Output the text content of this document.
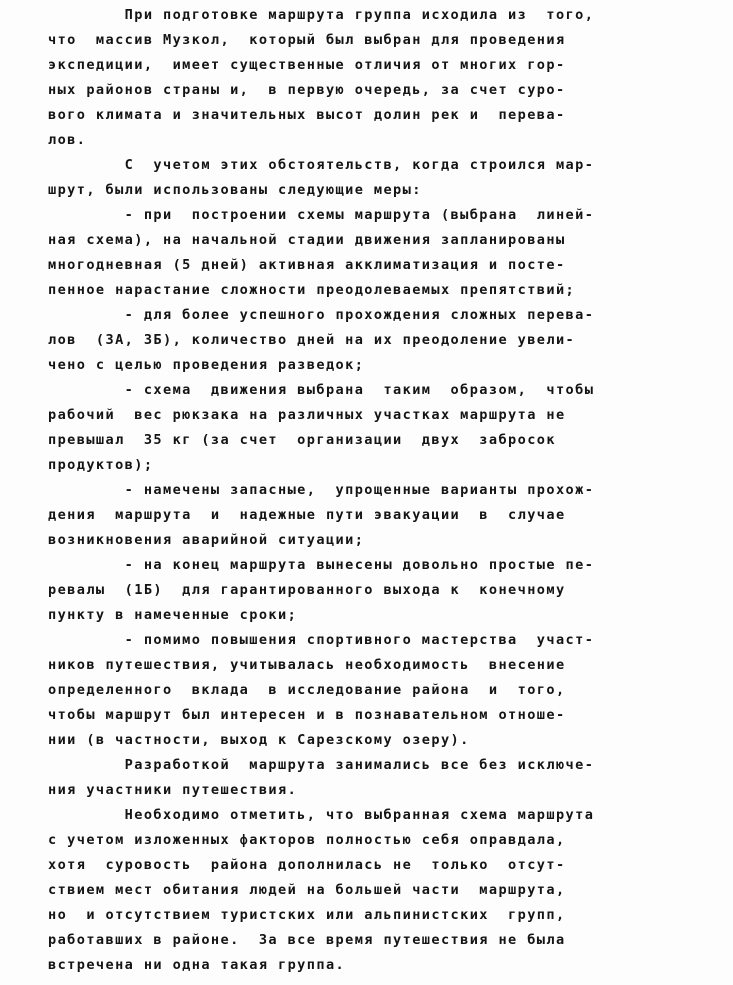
При подготовке маршрута группа исходила из  того,
что  массив Музкол,  который был выбран для проведения
экспедиции,  имеет существенные отличия от многих гор-
ных районов страны и,  в первую очередь, за счет суро-
вого климата и значительных высот долин рек и  перева-
лов.
С  учетом этих обстоятельств, когда строился мар-
шрут, были использованы следующие меры:
- при  построении схемы маршрута (выбрана  линей-
ная схема), на начальной стадии движения запланированы
многодневная (5 дней) активная акклиматизация и посте-
пенное нарастание сложности преодолеваемых препятствий;
- для более успешного прохождения сложных перева-
лов  (3А, 3Б), количество дней на их преодоление увели-
чено с целью проведения разведок;
- схема  движения выбрана  таким  образом,  чтобы
рабочий  вес рюкзака на различных участках маршрута не
превышал  35 кг (за счет  организации  двух  забросок
продуктов);
- намечены запасные,  упрощенные варианты прохож-
дения  маршрута  и  надежные пути эвакуации  в  случае
возникновения аварийной ситуации;
- на конец маршрута вынесены довольно простые пе-
ревалы  (1Б)  для гарантированного выхода к  конечному
пункту в намеченные сроки;
- помимо повышения спортивного мастерства  участ-
ников путешествия, учитывалась необходимость  внесение
определенного  вклада  в исследование района  и  того,
чтобы маршрут был интересен и в познавательном отноше-
нии (в частности, выход к Сарезскому озеру).
Разработкой  маршрута занимались все без исключе-
ния участники путешествия.
Необходимо отметить, что выбранная схема маршрута
с учетом изложенных факторов полностью себя оправдала,
хотя  суровость  района дополнилась не  только  отсут-
ствием мест обитания людей на большей части  маршрута,
но  и отсутствием туристских или альпинистских  групп,
работавших в районе.  За все время путешествия не была
встречена ни одна такая группа.
